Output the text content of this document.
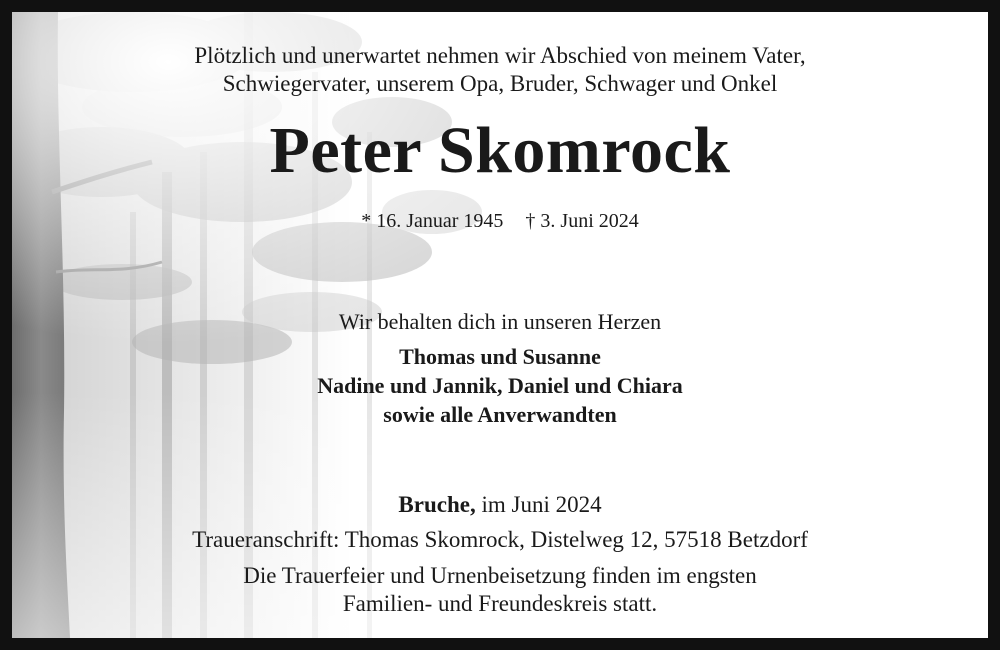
Plötzlich und unerwartet nehmen wir Abschied von meinem Vater,
Schwiegervater, unserem Opa, Bruder, Schwager und Onkel
Peter Skomrock
* 16. Januar 1945 † 3. Juni 2024
Wir behalten dich in unseren Herzen
Thomas und Susanne
Nadine und Jannik, Daniel und Chiara
sowie alle Anverwandten
Bruche, im Juni 2024
Traueranschrift: Thomas Skomrock, Distelweg 12, 57518 Betzdorf
Die Trauerfeier und Urnenbeisetzung finden im engsten
Familien- und Freundeskreis statt.
